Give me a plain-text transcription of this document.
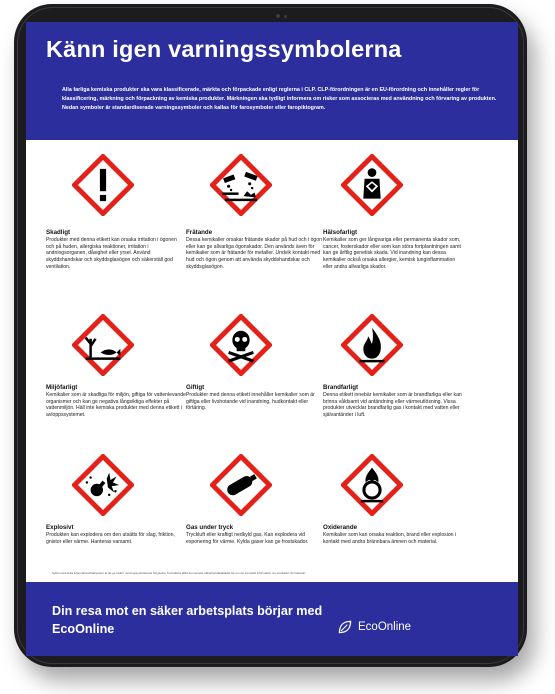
Känn igen varningssymbolerna
Alla farliga kemiska produkter ska vara klassificerade, märkta och förpackade enligt reglerna i CLP. CLP-förordningen är en EU-förordning och innehåller regler för klassificering, märkning och förpackning av kemiska produkter. Märkningen ska tydligt informera om risker som associeras med användning och förvaring av produkten. Nedan symboler är standardiserade varningssymboler och kallas för farosymboler eller faropiktogram.
Skadligt
Produkter med denna etikett kan orsaka irritation i ögonen och på huden, allergiska reaktioner, irritation i andningsorganen, dåsighet eller yrsel. Använd skyddshandskar och skyddsglasögon och säkerställ god ventilation.
Frätande
Dessa kemikalier orsakar frätande skador på hud och i ögon eller kan ge allvarliga ögonskador. Den används även för kemikalier som är frätande för metaller. Undvik kontakt med hud och ögon genom att använda skyddshandskar och skyddsglasögon.
Hälsofarligt
Kemikalier som ger långvariga eller permanenta skador som, cancer, fosterskador eller som kan störa fortplantningen samt kan ge årftlig genetisk skada. Vid inandning kan dessa kemikalier också orsaka allergier, kemisk lunginflammation eller andra allvarliga skador.
Miljöfarligt
Kemikalier som är skadliga för miljön, giftiga för vattenlevande organismer och kan ge negativa långsiktiga effekter på vattenmiljön. Häll inte kemiska produkter med denna etikett i avloppssystemet.
Giftigt
Produkter med denna etikett innehåller kemikalier som är giftiga eller livshotande vid inandning, hudkontakt eller förtäring.
Brandfarligt
Denna etikett innebär kemikalier som är brandfarliga eller kan brinna våldsamt vid antändning eller värmeutlösning. Vissa produkter utvecklar brandfarlig gas i kontakt med vatten eller självantänder i luft.
Explosivt
Produkten kan explodera om den utsätts för slag, friktion, gnistor eller värme. Hanteras varsamt.
Gas under tryck
Tryckluft eller kraftigt nedkyld gas. Kan explodera vid exponering för värme. Kylda gaser kan ge frostskador.
Oxiderande
Kemikalier som kan orsaka reaktion, brand eller explosion i kontakt med andra brännbara ämnen och material.
Syftet med detta informationsblad/poster är att ge insikt i varningssymbolernas betydelse. Kontrollera alltid det senaste säkerhetsdatabladet för en mer komplett information om produkten du hanterar.
Din resa mot en säker arbetsplats börjar med EcoOnline	EcoOnline
